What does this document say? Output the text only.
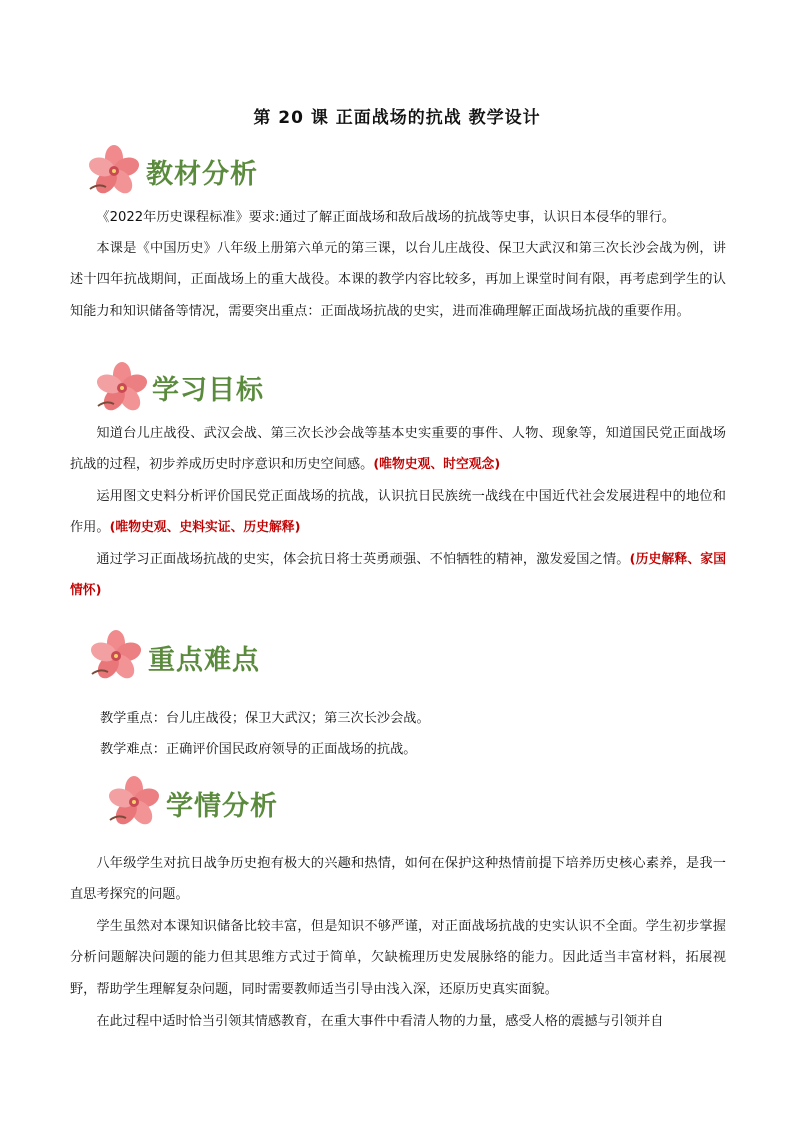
第 20 课 正面战场的抗战 教学设计
教材分析
《2022年历史课程标准》要求:通过了解正面战场和敌后战场的抗战等史事，认识日本侵华的罪行。
本课是《中国历史》八年级上册第六单元的第三课，以台儿庄战役、保卫大武汉和第三次长沙会战为例，讲述十四年抗战期间，正面战场上的重大战役。本课的教学内容比较多，再加上课堂时间有限，再考虑到学生的认知能力和知识储备等情况，需要突出重点：正面战场抗战的史实，进而准确理解正面战场抗战的重要作用。
学习目标
知道台儿庄战役、武汉会战、第三次长沙会战等基本史实重要的事件、人物、现象等，知道国民党正面战场抗战的过程，初步养成历史时序意识和历史空间感。(唯物史观、时空观念)
运用图文史料分析评价国民党正面战场的抗战，认识抗日民族统一战线在中国近代社会发展进程中的地位和作用。(唯物史观、史料实证、历史解释)
通过学习正面战场抗战的史实，体会抗日将士英勇顽强、不怕牺牲的精神，激发爱国之情。(历史解释、家国情怀)
重点难点
教学重点：台儿庄战役；保卫大武汉；第三次长沙会战。
教学难点：正确评价国民政府领导的正面战场的抗战。
学情分析
八年级学生对抗日战争历史抱有极大的兴趣和热情，如何在保护这种热情前提下培养历史核心素养，是我一直思考探究的问题。
学生虽然对本课知识储备比较丰富，但是知识不够严谨，对正面战场抗战的史实认识不全面。学生初步掌握分析问题解决问题的能力但其思维方式过于简单，欠缺梳理历史发展脉络的能力。因此适当丰富材料，拓展视野，帮助学生理解复杂问题，同时需要教师适当引导由浅入深，还原历史真实面貌。
在此过程中适时恰当引领其情感教育，在重大事件中看清人物的力量，感受人格的震撼与引领并自
